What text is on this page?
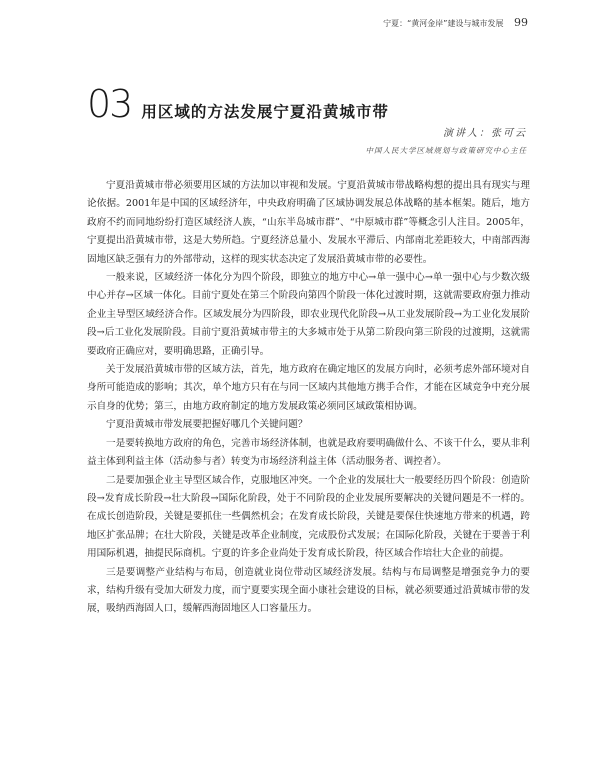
宁夏：“黄河金岸”建设与城市发展 99
03 用区域的方法发展宁夏沿黄城市带
演讲人：张可云
中国人民大学区域规划与政策研究中心主任

宁夏沿黄城市带必须要用区域的方法加以审视和发展。宁夏沿黄城市带战略构想的提出具有现实与理论依据。2001年是中国的区域经济年，中央政府明确了区域协调发展总体战略的基本框架。随后，地方政府不约而同地纷纷打造区域经济人族，“山东半岛城市群”、“中原城市群”等概念引人注目。2005年，宁夏提出沿黄城市带，这是大势所趋。宁夏经济总量小、发展水平滞后、内部南北差距较大，中南部西海固地区缺乏强有力的外部带动，这样的现实状态决定了发展沿黄城市带的必要性。

一般来说，区域经济一体化分为四个阶段，即独立的地方中心→单一强中心→单一强中心与少数次级中心并存→区域一体化。目前宁夏处在第三个阶段向第四个阶段一体化过渡时期，这就需要政府强力推动企业主导型区域经济合作。区域发展分为四阶段，即农业现代化阶段→从工业发展阶段→为工业化发展阶段→后工业化发展阶段。目前宁夏沿黄城市带主的大多城市处于从第二阶段向第三阶段的过渡期，这就需要政府正确应对，要明确思路，正确引导。

关于发展沿黄城市带的区域方法，首先，地方政府在确定地区的发展方向时，必须考虑外部环境对自身所可能造成的影响；其次，单个地方只有在与同一区域内其他地方携手合作，才能在区域竞争中充分展示自身的优势；第三，由地方政府制定的地方发展政策必须同区域政策相协调。

宁夏沿黄城市带发展要把握好哪几个关键问题？

一是要转换地方政府的角色，完善市场经济体制，也就是政府要明确做什么、不该干什么，要从非利益主体到利益主体（活动参与者）转变为市场经济利益主体（活动服务者、调控者）。

二是要加强企业主导型区域合作，克服地区冲突。一个企业的发展壮大一般要经历四个阶段：创造阶段→发育成长阶段→壮大阶段→国际化阶段，处于不同阶段的企业发展所要解决的关键问题是不一样的。在成长创造阶段，关键是要抓住一些偶然机会；在发育成长阶段，关键是要保住快速地方带来的机遇，跨地区扩张品牌；在壮大阶段，关键是改革企业制度，完成股份式发展；在国际化阶段，关键在于要善于利用国际机遇，抽提民际商机。宁夏的许多企业尚处于发育成长阶段，待区域合作培壮大企业的前提。

三是要调整产业结构与布局，创造就业岗位带动区域经济发展。结构与布局调整是增强竞争力的要求，结构升级有受加大研发力度，而宁夏要实现全面小康社会建设的目标，就必须要通过沿黄城市带的发展，吸纳西海固人口，缓解西海固地区人口容量压力。
